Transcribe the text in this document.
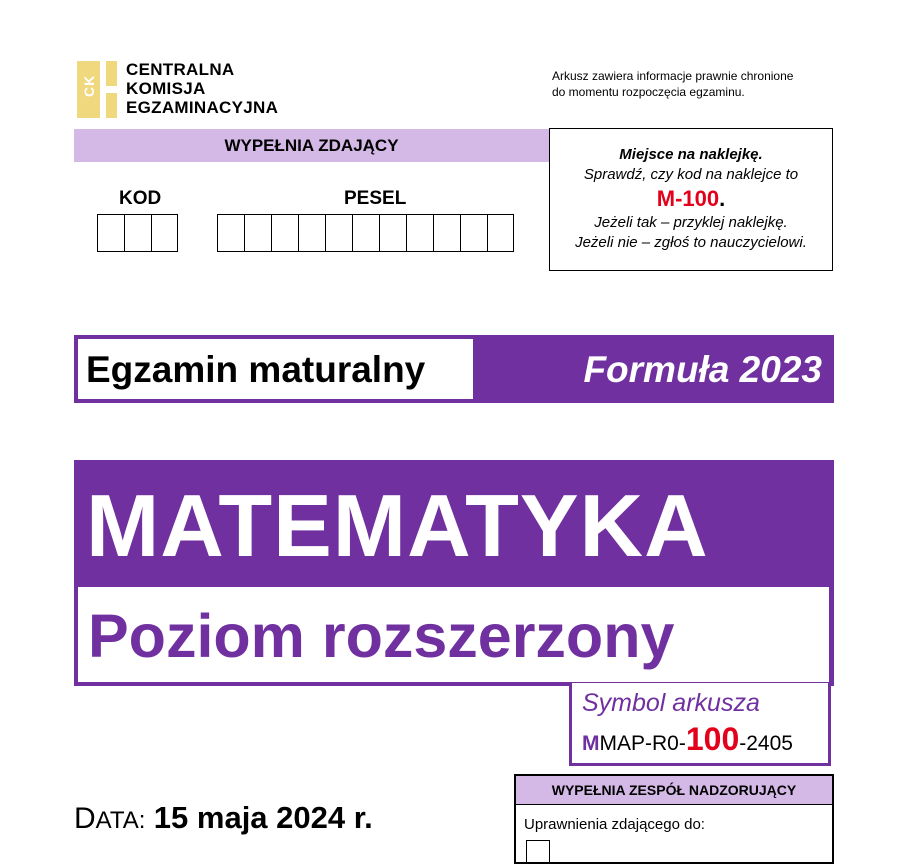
CK
CENTRALNA
KOMISJA
EGZAMINACYJNA
Arkusz zawiera informacje prawnie chronione
do momentu rozpoczęcia egzaminu.
WYPEŁNIA ZDAJĄCY
KOD	PESEL
Miejsce na naklejkę.
Sprawdź, czy kod na naklejce to
M-100.
Jeżeli tak – przyklej naklejkę.
Jeżeli nie – zgłoś to nauczycielowi.
Egzamin maturalny	Formuła 2023
MATEMATYKA
Poziom rozszerzony
Symbol arkusza
MMAP-R0-100-2405
DATA: 15 maja 2024 r.
WYPEŁNIA ZESPÓŁ NADZORUJĄCY
Uprawnienia zdającego do:
